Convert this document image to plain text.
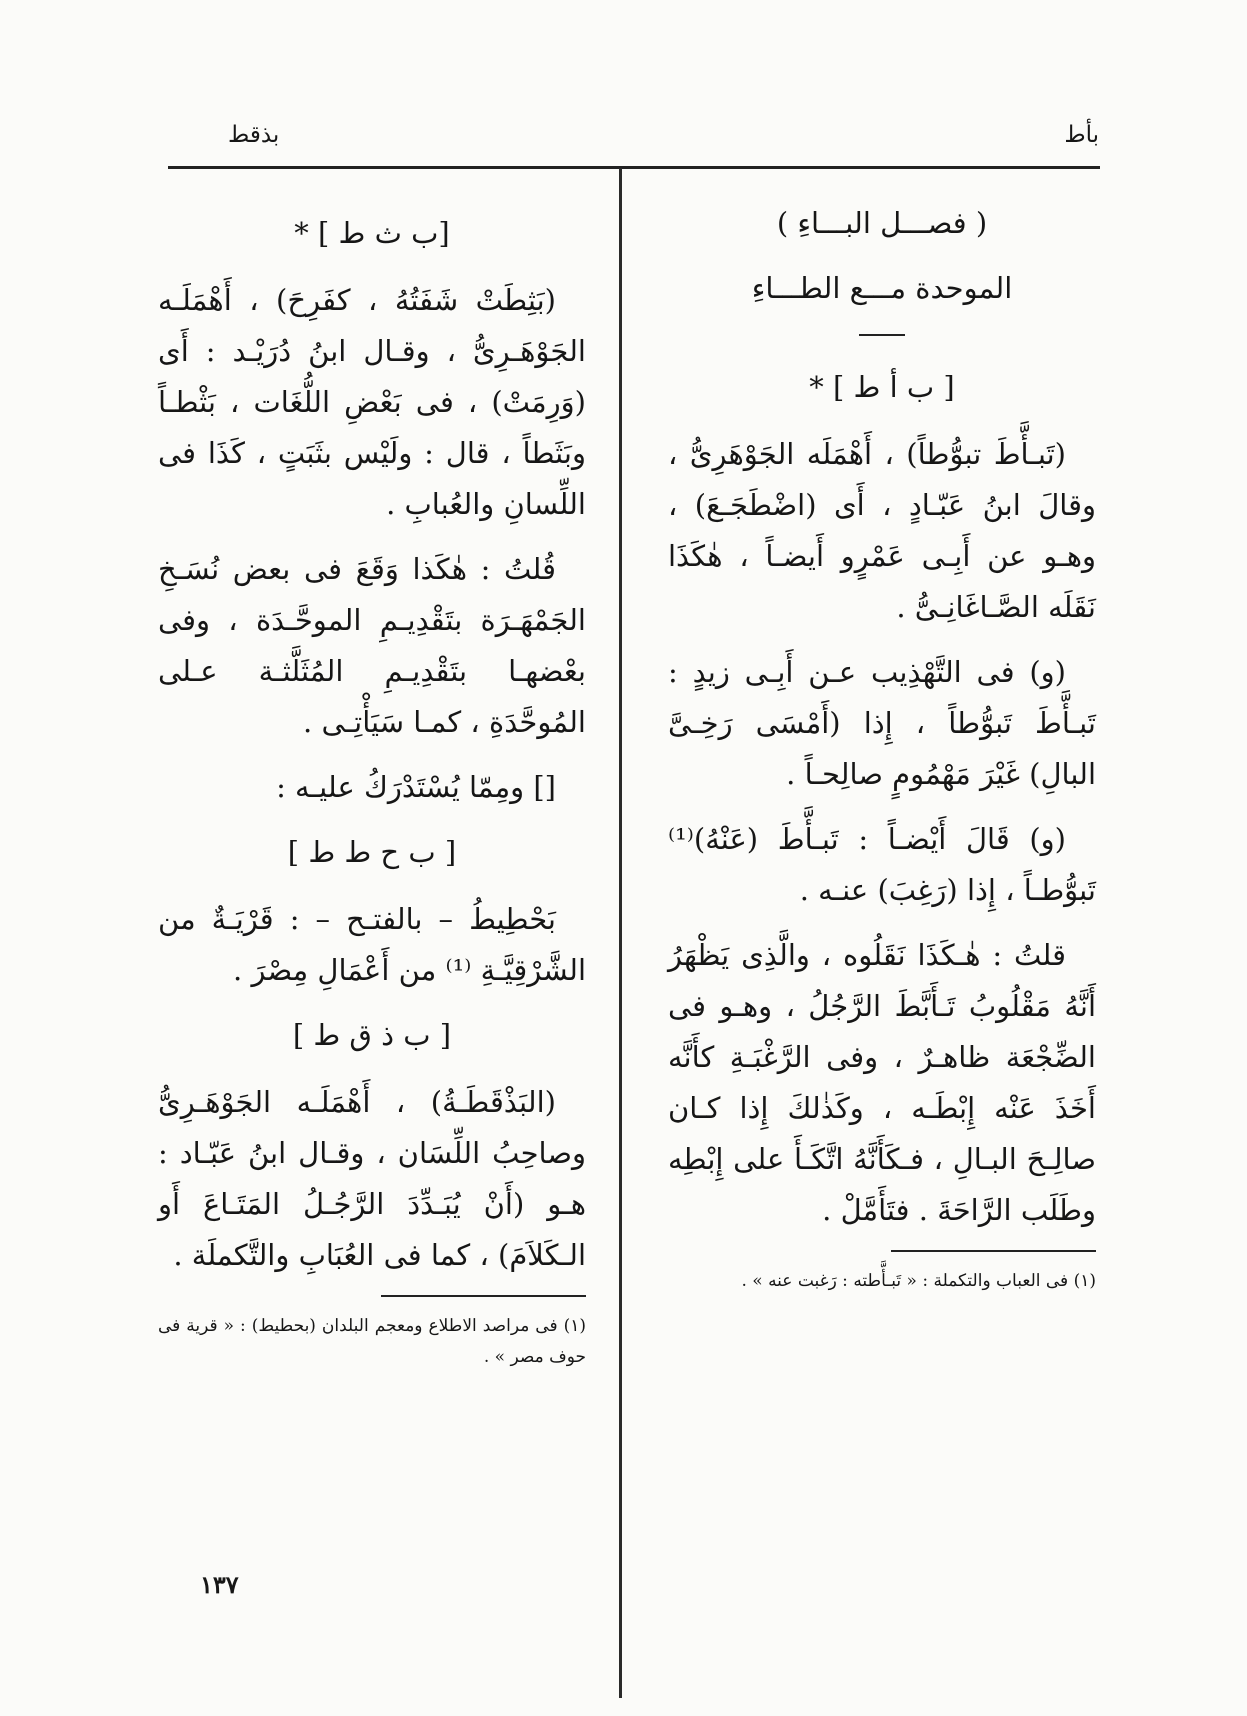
بأط
بذقط

( فصـــل البـــاءِ )

الموحدة مـــع الطـــاءِ

[ ب أ ط ] *

(تَبـأَّطَ تبوُّطاً) ، أَهْمَلَه الجَوْهَرِىُّ ، وقالَ ابنُ عَبّـادٍ ، أَى (اضْطَجَـعَ) ، وهـو عن أَبِـى عَمْرٍو أَيضـاً ، هٰكَذَا نَقَلَه الصَّـاغَانِـىُّ .

(و) فى التَّهْذِيب عـن أَبِـى زيدٍ : تَبـأَّطَ تَبوُّطاً ، إِذا (أَمْسَى رَخِـىَّ البالِ) غَيْرَ مَهْمُومٍ صالِحـاً .

(و) قَالَ أَيْضـاً : تَبـأَّطَ (عَنْهُ)⁽¹⁾ تَبوُّطـاً ، إِذا (رَغِبَ) عنـه .

قلتُ : هٰـكَذَا نَقَلُوه ، والَّذِى يَظْهَرُ أَنَّهُ مَقْلُوبُ تَـأَبَّطَ الرَّجُلُ ، وهـو فى الضِّجْعَة ظاهـرٌ ، وفى الرَّغْبَـةِ كأَنَّه أَخَذَ عَنْه إِبْطَـه ، وكَذٰلكَ إِذا كـان صالِـحَ البـالِ ، فـكَأَنَّهُ اتَّكَـأَ على إِبْطِه وطَلَب الرَّاحَةَ . فتَأَمَّلْ .

(١) فى العباب والتكملة : « تَبـأَّطته : رَغبت عنه » .

[ب ث ط ] *

(بَثِطَتْ شَفَتُهُ ، كفَرِحَ) ، أَهْمَلَـه الجَوْهَـرِىُّ ، وقـال ابنُ دُرَيْـد : أَى (وَرِمَتْ) ، فى بَعْضِ اللُّغَات ، بَثْطـاً وبَثَطاً ، قال : ولَيْس بثَبَتٍ ، كَذَا فى اللِّسانِ والعُبابِ .

قُلتُ : هٰكَذا وَقَعَ فى بعض نُسَـخِ الجَمْهَـرَة بتَقْدِيـمِ الموحَّـدَة ، وفى بعْضهـا بتَقْدِيـمِ المُثَلَّثـة عـلى المُوحَّدَةِ ، كمـا سَيَأْتِـى .

[] ومِمّا يُسْتَدْرَكُ عليـه :

[ ب ح ط ط ]

بَحْطِيطُ – بالفتـح – : قَرْيَـةٌ من الشَّرْقِيَّـةِ ⁽¹⁾ من أَعْمَالِ مِصْرَ .

[ ب ذ ق ط ]

(البَذْقَطَـةُ) ، أَهْمَلَـه الجَوْهَـرِىُّ وصاحِبُ اللِّسَان ، وقـال ابنُ عَبّـاد : هـو (أَنْ يُبَـدِّدَ الرَّجُـلُ المَتَـاعَ أَو الـكَلاَمَ) ، كما فى العُبَابِ والتَّكملَة .

(١) فى مراصد الاطلاع ومعجم البلدان (بحطيط) : « قرية فى حوف مصر » .

١٣٧
